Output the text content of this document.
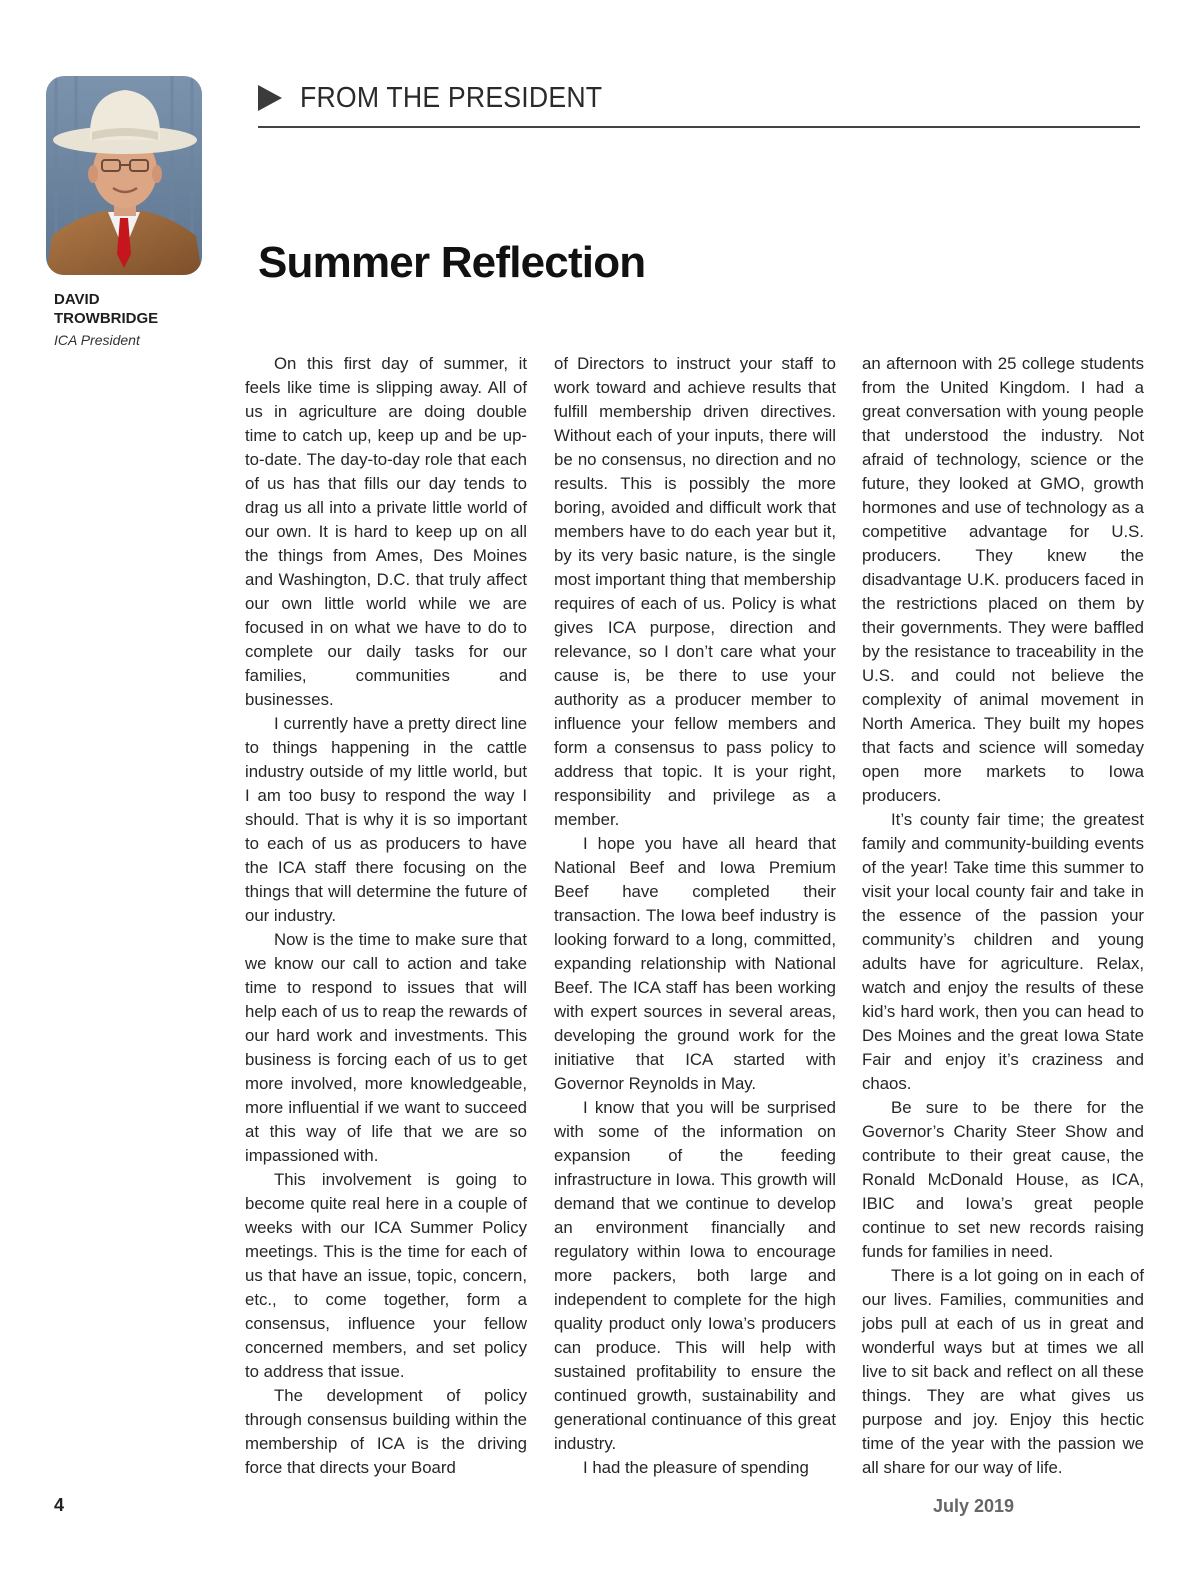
DAVID
TROWBRIDGE
ICA President
FROM THE PRESIDENT
Summer Reflection

On this first day of summer, it feels like time is slipping away. All of us in agriculture are doing double time to catch up, keep up and be up-to-date. The day-to-day role that each of us has that fills our day tends to drag us all into a private little world of our own. It is hard to keep up on all the things from Ames, Des Moines and Washington, D.C. that truly affect our own little world while we are focused in on what we have to do to complete our daily tasks for our families, communities and businesses.

I currently have a pretty direct line to things happening in the cattle industry outside of my little world, but I am too busy to respond the way I should. That is why it is so important to each of us as producers to have the ICA staff there focusing on the things that will determine the future of our industry.

Now is the time to make sure that we know our call to action and take time to respond to issues that will help each of us to reap the rewards of our hard work and investments. This business is forcing each of us to get more involved, more knowledgeable, more influential if we want to succeed at this way of life that we are so impassioned with.

This involvement is going to become quite real here in a couple of weeks with our ICA Summer Policy meetings. This is the time for each of us that have an issue, topic, concern, etc., to come together, form a consensus, influence your fellow concerned members, and set policy to address that issue.

The development of policy through consensus building within the membership of ICA is the driving force that directs your Board

of Directors to instruct your staff to work toward and achieve results that fulfill membership driven directives. Without each of your inputs, there will be no consensus, no direction and no results. This is possibly the more boring, avoided and difficult work that members have to do each year but it, by its very basic nature, is the single most important thing that membership requires of each of us. Policy is what gives ICA purpose, direction and relevance, so I don’t care what your cause is, be there to use your authority as a producer member to influence your fellow members and form a consensus to pass policy to address that topic. It is your right, responsibility and privilege as a member.

I hope you have all heard that National Beef and Iowa Premium Beef have completed their transaction. The Iowa beef industry is looking forward to a long, committed, expanding relationship with National Beef. The ICA staff has been working with expert sources in several areas, developing the ground work for the initiative that ICA started with Governor Reynolds in May.

I know that you will be surprised with some of the information on expansion of the feeding infrastructure in Iowa. This growth will demand that we continue to develop an environment financially and regulatory within Iowa to encourage more packers, both large and independent to complete for the high quality product only Iowa’s producers can produce. This will help with sustained profitability to ensure the continued growth, sustainability and generational continuance of this great industry.

I had the pleasure of spending

an afternoon with 25 college students from the United Kingdom. I had a great conversation with young people that understood the industry. Not afraid of technology, science or the future, they looked at GMO, growth hormones and use of technology as a competitive advantage for U.S. producers. They knew the disadvantage U.K. producers faced in the restrictions placed on them by their governments. They were baffled by the resistance to traceability in the U.S. and could not believe the complexity of animal movement in North America. They built my hopes that facts and science will someday open more markets to Iowa producers.

It’s county fair time; the greatest family and community-building events of the year! Take time this summer to visit your local county fair and take in the essence of the passion your community’s children and young adults have for agriculture. Relax, watch and enjoy the results of these kid’s hard work, then you can head to Des Moines and the great Iowa State Fair and enjoy it’s craziness and chaos.

Be sure to be there for the Governor’s Charity Steer Show and contribute to their great cause, the Ronald McDonald House, as ICA, IBIC and Iowa’s great people continue to set new records raising funds for families in need.

There is a lot going on in each of our lives. Families, communities and jobs pull at each of us in great and wonderful ways but at times we all live to sit back and reflect on all these things. They are what gives us purpose and joy. Enjoy this hectic time of the year with the passion we all share for our way of life.

4	July 2019
